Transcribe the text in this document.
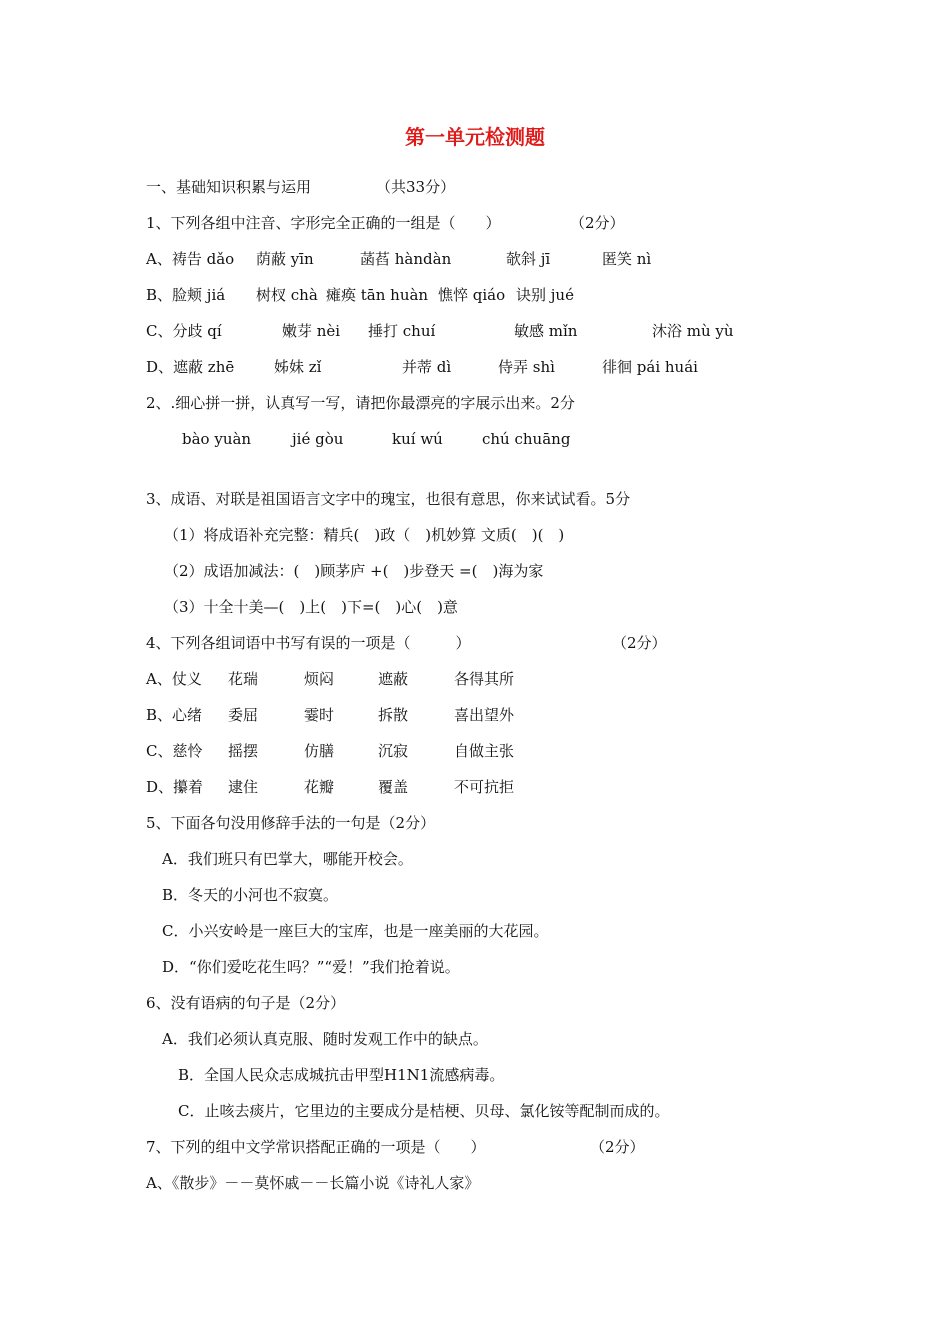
第一单元检测题
一、基础知识积累与运用	（共33分）
1、下列各组中注音、字形完全正确的一组是（　　）	（2分）
A、祷告 dǎo 荫蔽 yīn	菡萏 hàndàn	欹斜 jī	匿笑 nì
B、脸颊 jiá 树杈 chà 瘫痪 tān huàn 憔悴 qiáo 诀别 jué
C、分歧 qí	嫩芽 nèi 捶打 chuí	敏感 mǐn	沐浴 mù yù
D、遮蔽 zhē	姊妹 zǐ	并蒂 dì	侍弄 shì	徘徊 pái huái
2、.细心拼一拼，认真写一写，请把你最漂亮的字展示出来。2分
bào yuàn	jié gòu	kuí wú	chú chuāng
3、成语、对联是祖国语言文字中的瑰宝，也很有意思，你来试试看。5分
（1）将成语补充完整：精兵(　)政（　)机妙算 文质(　)(　)
（2）成语加减法：(　)顾茅庐 +(　)步登天 =(　)海为家
（3）十全十美—(　)上(　)下=(　)心(　)意
4、下列各组词语中书写有误的一项是（　　　）	（2分）
A、仗义 花瑞	烦闷	遮蔽	各得其所
B、心绪 委屈	霎时	拆散	喜出望外
C、慈怜 摇摆	仿膳	沉寂	自做主张
D、攥着 逮住	花瓣	覆盖	不可抗拒
5、下面各句没用修辞手法的一句是（2分）
A．我们班只有巴掌大，哪能开校会。
B．冬天的小河也不寂寞。
C．小兴安岭是一座巨大的宝库，也是一座美丽的大花园。
D．“你们爱吃花生吗？”“爱！”我们抢着说。
6、没有语病的句子是（2分）
A．我们必须认真克服、随时发观工作中的缺点。
B．全国人民众志成城抗击甲型H1N1流感病毒。
C．止咳去痰片，它里边的主要成分是桔梗、贝母、氯化铵等配制而成的。
7、下列的组中文学常识搭配正确的一项是（　　）	（2分）
A、《散步》－－莫怀戚－－长篇小说《诗礼人家》
